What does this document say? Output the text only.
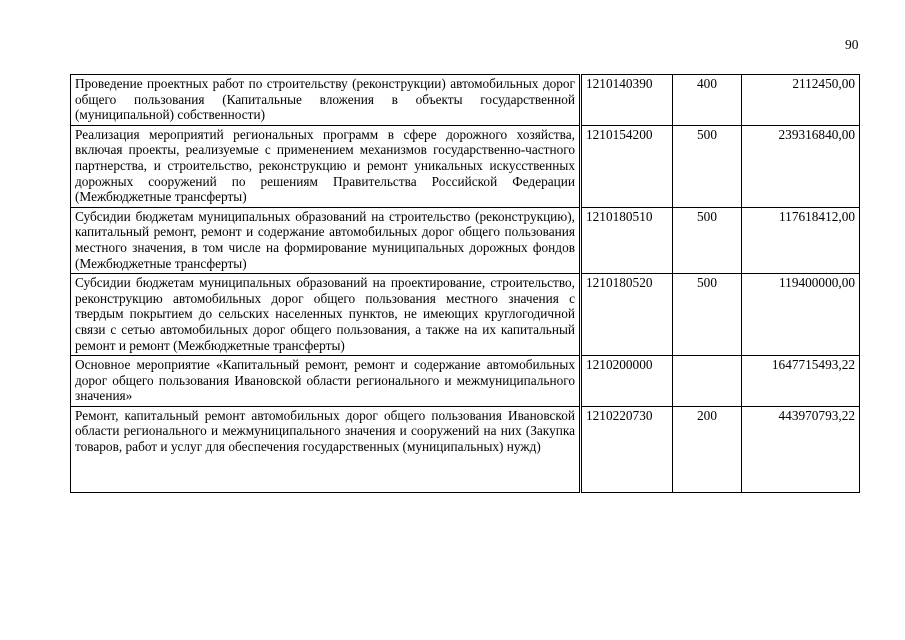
90
Проведение проектных работ по строительству (реконструкции) автомобильных дорог общего пользования (Капитальные вложения в объекты государственной (муниципальной) собственности)	1210140390	400	2112450,00
Реализация мероприятий региональных программ в сфере дорожного хозяйства, включая проекты, реализуемые с применением механизмов государственно-частного партнерства, и строительство, реконструкцию и ремонт уникальных искусственных дорожных сооружений по решениям Правительства Российской Федерации (Межбюджетные трансферты)	1210154200	500	239316840,00
Субсидии бюджетам муниципальных образований на строительство (реконструкцию), капитальный ремонт, ремонт и содержание автомобильных дорог общего пользования местного значения, в том числе на формирование муниципальных дорожных фондов (Межбюджетные трансферты)	1210180510	500	117618412,00
Субсидии бюджетам муниципальных образований на проектирование, строительство, реконструкцию автомобильных дорог общего пользования местного значения с твердым покрытием до сельских населенных пунктов, не имеющих круглогодичной связи с сетью автомобильных дорог общего пользования, а также на их капитальный ремонт и ремонт (Межбюджетные трансферты)	1210180520	500	119400000,00
Основное мероприятие «Капитальный ремонт, ремонт и содержание автомобильных дорог общего пользования Ивановской области регионального и межмуниципального значения»	1210200000		1647715493,22
Ремонт, капитальный ремонт автомобильных дорог общего пользования Ивановской области регионального и межмуниципального значения и сооружений на них (Закупка товаров, работ и услуг для обеспечения государственных (муниципальных) нужд)	1210220730	200	443970793,22
